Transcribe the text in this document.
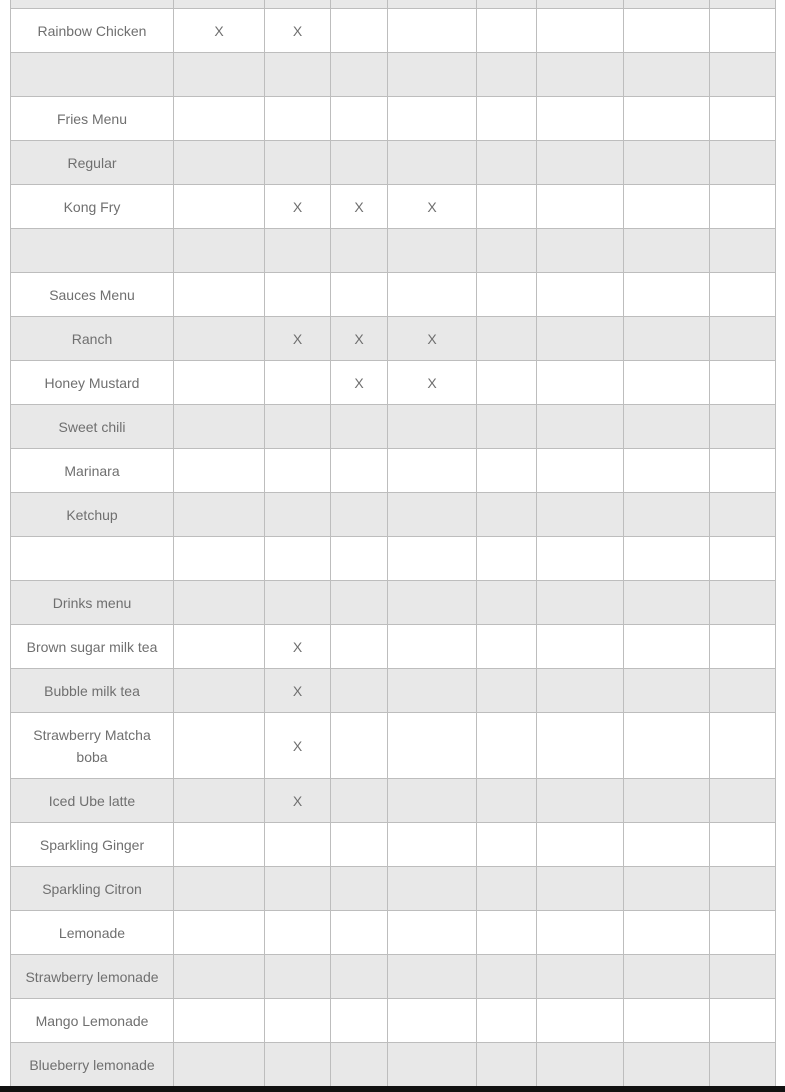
Rainbow Chicken	X	X						

Fries Menu								
Regular								
Kong Fry		X	X	X				

Sauces Menu								
Ranch		X	X	X				
Honey Mustard			X	X				
Sweet chili								
Marinara								
Ketchup								

Drinks menu								
Brown sugar milk tea		X						
Bubble milk tea		X						
Strawberry Matcha boba		X						
Iced Ube latte		X						
Sparkling Ginger								
Sparkling Citron								
Lemonade								
Strawberry lemonade								
Mango Lemonade								
Blueberry lemonade								
